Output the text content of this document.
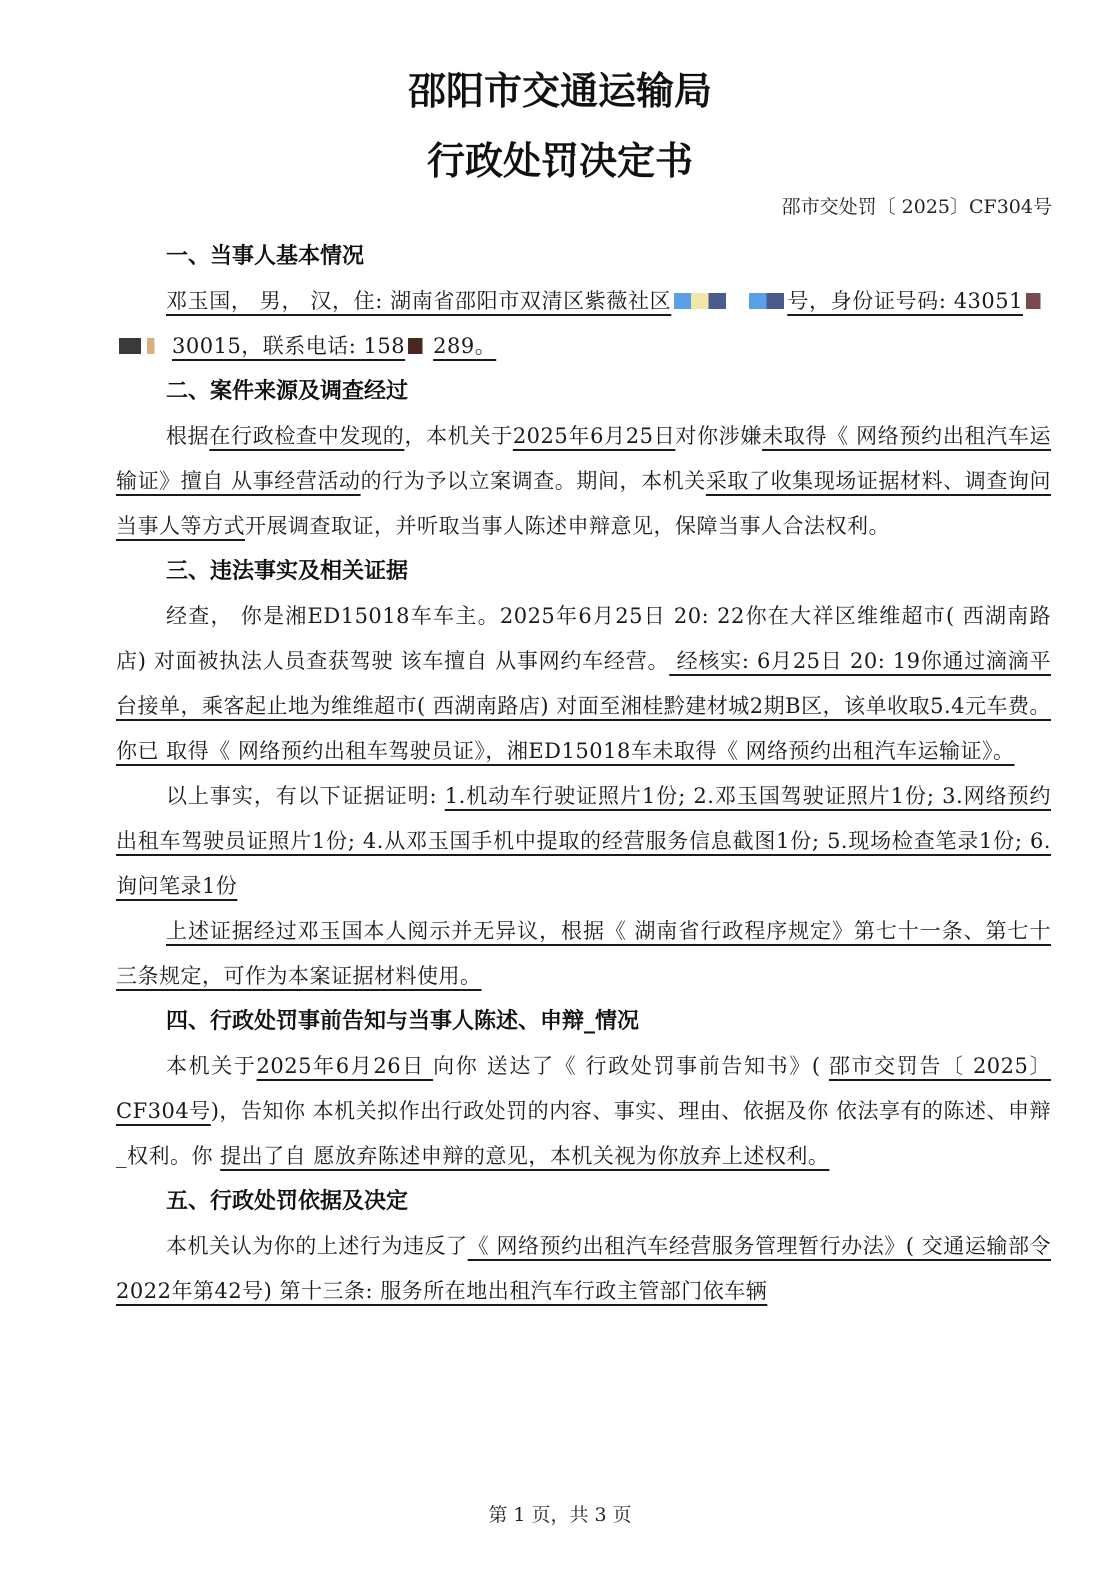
邵阳市交通运输局
行政处罚决定书
邵市交处罚〔 2025〕CF304号

一、当事人基本情况

邓玉国， 男， 汉，住: 湖南省邵阳市双清区紫薇社区	号，身份证号码: 4305130015，联系电话: 158 289。

二、案件来源及调查经过

根据在行政检查中发现的，本机关于2025年6月25日对你涉嫌未取得《 网络预约出租汽车运输证》擅自 从事经营活动的行为予以立案调查。期间，本机关采取了收集现场证据材料、调查询问当事人等方式开展调查取证，并听取当事人陈述申辩意见，保障当事人合法权利。

三、违法事实及相关证据

经查， 你是湘ED15018车车主。2025年6月25日 20: 22你在大祥区维维超市( 西湖南路店) 对面被执法人员查获驾驶 该车擅自 从事网约车经营。 经核实: 6月25日 20: 19你通过滴滴平台接单，乘客起止地为维维超市( 西湖南路店) 对面至湘桂黔建材城2期B区，该单收取5.4元车费。你已 取得《 网络预约出租车驾驶员证》，湘ED15018车未取得《 网络预约出租汽车运输证》。

以上事实，有以下证据证明: 1.机动车行驶证照片1份; 2.邓玉国驾驶证照片1份; 3.网络预约出租车驾驶员证照片1份; 4.从邓玉国手机中提取的经营服务信息截图1份; 5.现场检查笔录1份; 6.询问笔录1份

上述证据经过邓玉国本人阅示并无异议，根据《 湖南省行政程序规定》第七十一条、第七十三条规定，可作为本案证据材料使用。

四、行政处罚事前告知与当事人陈述、申辩_情况

本机关于2025年6月26日 向你 送达了《 行政处罚事前告知书》( 邵市交罚告〔 2025〕CF304号)，告知你 本机关拟作出行政处罚的内容、事实、理由、依据及你 依法享有的陈述、申辩_权利。你 提出了自 愿放弃陈述申辩的意见，本机关视为你放弃上述权利。

五、行政处罚依据及决定

本机关认为你的上述行为违反了《 网络预约出租汽车经营服务管理暂行办法》( 交通运输部令2022年第42号) 第十三条: 服务所在地出租汽车行政主管部门依车辆

第 1 页，共 3 页
